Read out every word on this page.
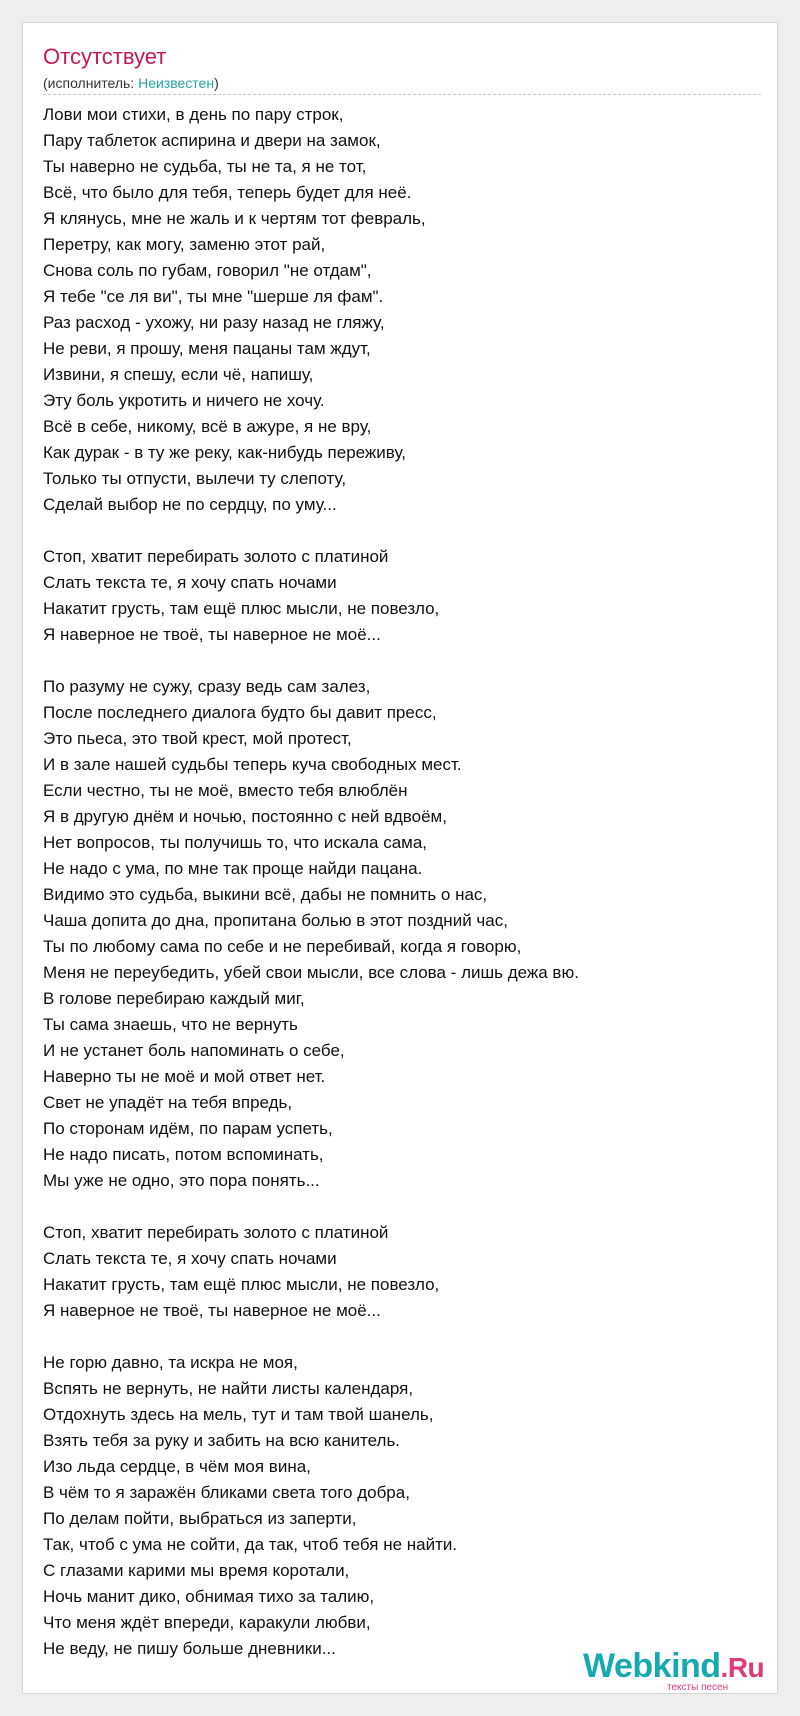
Отсутствует
(исполнитель: Неизвестен)
Лови мои стихи, в день по пару строк,
Пару таблеток аспирина и двери на замок,
Ты наверно не судьба, ты не та, я не тот,
Всё, что было для тебя, теперь будет для неё.
Я клянусь, мне не жаль и к чертям тот февраль,
Перетру, как могу, заменю этот рай,
Снова соль по губам, говорил "не отдам",
Я тебе "се ля ви", ты мне "шерше ля фам".
Раз расход - ухожу, ни разу назад не гляжу,
Не реви, я прошу, меня пацаны там ждут,
Извини, я спешу, если чё, напишу,
Эту боль укротить и ничего не хочу.
Всё в себе, никому, всё в ажуре, я не вру,
Как дурак - в ту же реку, как-нибудь переживу,
Только ты отпусти, вылечи ту слепоту,
Сделай выбор не по сердцу, по уму...
Стоп, хватит перебирать золото с платиной
Слать текста те, я хочу спать ночами
Накатит грусть, там ещё плюс мысли, не повезло,
Я наверное не твоё, ты наверное не моё...
По разуму не сужу, сразу ведь сам залез,
После последнего диалога будто бы давит пресс,
Это пьеса, это твой крест, мой протест,
И в зале нашей судьбы теперь куча свободных мест.
Если честно, ты не моё, вместо тебя влюблён
Я в другую днём и ночью, постоянно с ней вдвоём,
Нет вопросов, ты получишь то, что искала сама,
Не надо с ума, по мне так проще найди пацана.
Видимо это судьба, выкини всё, дабы не помнить о нас,
Чаша допита до дна, пропитана болью в этот поздний час,
Ты по любому сама по себе и не перебивай, когда я говорю,
Меня не переубедить, убей свои мысли, все слова - лишь дежа вю.
В голове перебираю каждый миг,
Ты сама знаешь, что не вернуть
И не устанет боль напоминать о себе,
Наверно ты не моё и мой ответ нет.
Свет не упадёт на тебя впредь,
По сторонам идём, по парам успеть,
Не надо писать, потом вспоминать,
Мы уже не одно, это пора понять...
Стоп, хватит перебирать золото с платиной
Слать текста те, я хочу спать ночами
Накатит грусть, там ещё плюс мысли, не повезло,
Я наверное не твоё, ты наверное не моё...
Не горю давно, та искра не моя,
Вспять не вернуть, не найти листы календаря,
Отдохнуть здесь на мель, тут и там твой шанель,
Взять тебя за руку и забить на всю канитель.
Изо льда сердце, в чём моя вина,
В чём то я заражён бликами света того добра,
По делам пойти, выбраться из заперти,
Так, чтоб с ума не сойти, да так, чтоб тебя не найти.
С глазами карими мы время коротали,
Ночь манит дико, обнимая тихо за талию,
Что меня ждёт впереди, каракули любви,
Не веду, не пишу больше дневники...	Webkind.Ru
тексты песен
